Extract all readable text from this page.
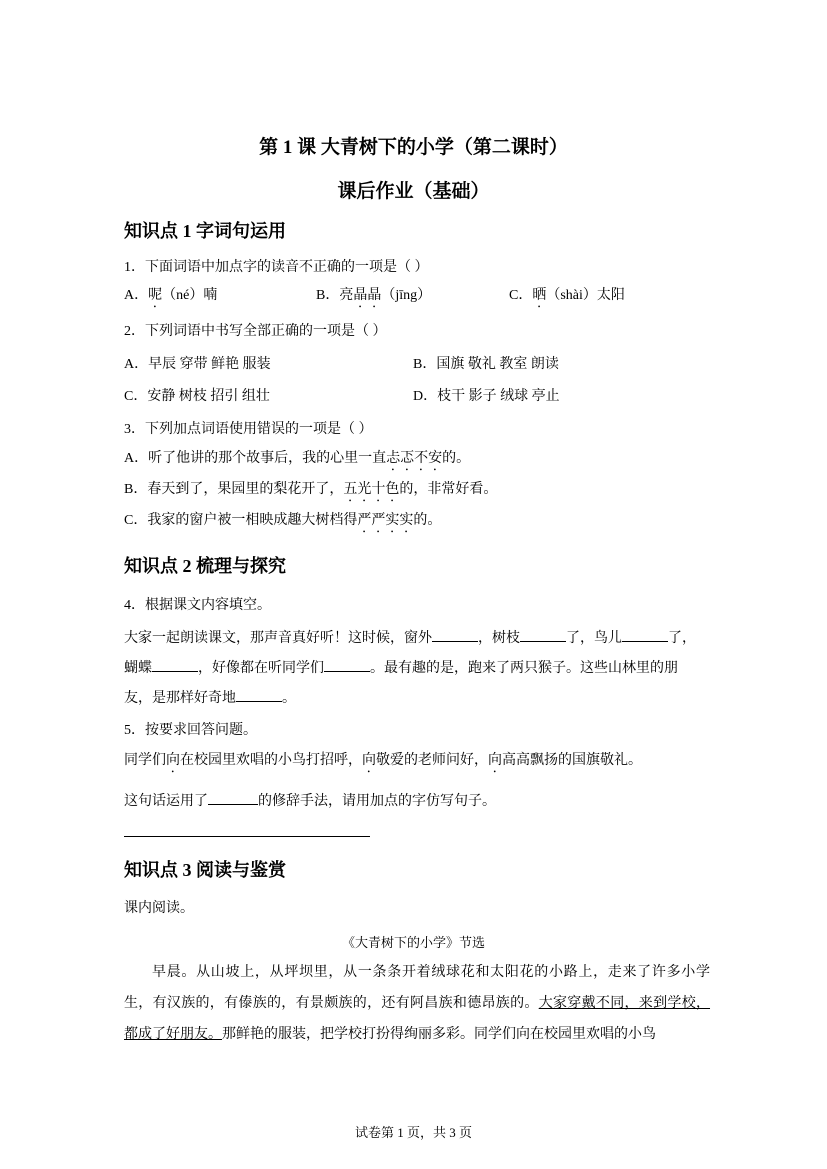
第 1 课 大青树下的小学（第二课时）
课后作业（基础）
知识点 1 字词句运用
1．下面词语中加点字的读音不正确的一项是（ ）
A．呢（né）喃	B．亮晶晶（jīng）	C．晒（shài）太阳
2．下列词语中书写全部正确的一项是（ ）
A．早辰 穿带 鲜艳 服装	B．国旗 敬礼 教室 朗读
C．安静 树枝 招引 组壮	D．枝干 影子 绒球 亭止
3．下列加点词语使用错误的一项是（ ）
A．听了他讲的那个故事后，我的心里一直忐忑不安的。
B．春天到了，果园里的梨花开了，五光十色的，非常好看。
C．我家的窗户被一相映成趣大树档得严严实实的。
知识点 2 梳理与探究
4．根据课文内容填空。
大家一起朗读课文，那声音真好听！这时候，窗外	，树枝	了，鸟儿	了，
蝴蝶	，好像都在听同学们	。最有趣的是，跑来了两只猴子。这些山林里的朋
友，是那样好奇地	。
5．按要求回答问题。
同学们向在校园里欢唱的小鸟打招呼，向敬爱的老师问好，向高高飘扬的国旗敬礼。
这句话运用了	的修辞手法，请用加点的字仿写句子。
知识点 3 阅读与鉴赏
课内阅读。
《大青树下的小学》节选
早晨。从山坡上，从坪坝里，从一条条开着绒球花和太阳花的小路上，走来了许多小学生，有汉族的，有傣族的，有景颇族的，还有阿昌族和德昂族的。大家穿戴不同，来到学校，都成了好朋友。那鲜艳的服装，把学校打扮得绚丽多彩。同学们向在校园里欢唱的小鸟
试卷第 1 页，共 3 页
